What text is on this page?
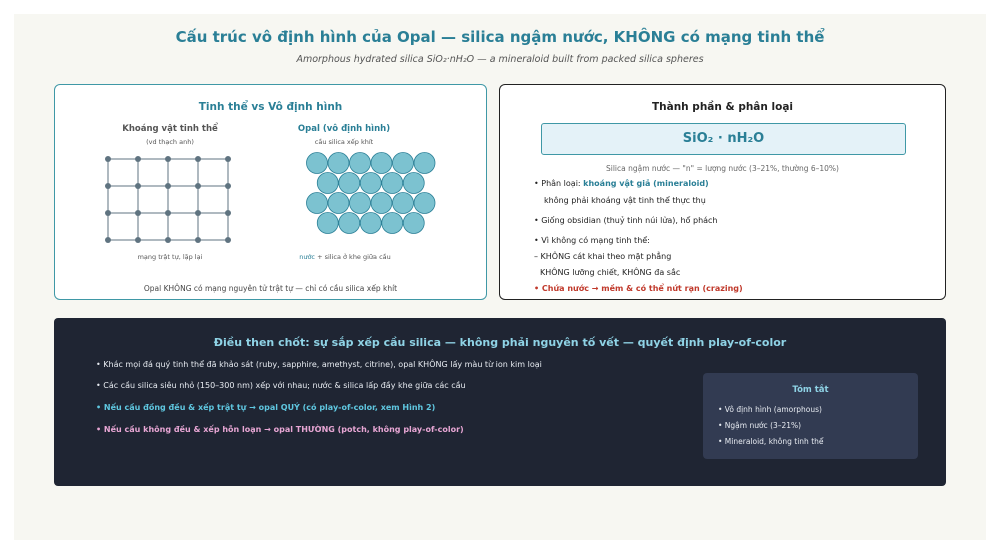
Cấu trúc vô định hình của Opal — silica ngậm nước, KHÔNG có mạng tinh thể
Amorphous hydrated silica SiO₂·nH₂O — a mineraloid built from packed silica spheres
Tinh thể vs Vô định hình
Khoáng vật tinh thể
(vd thạch anh)
mạng trật tự, lặp lại
Opal (vô định hình)
cầu silica xếp khít
nước + silica ở khe giữa cầu
Opal KHÔNG có mạng nguyên tử trật tự — chỉ có cầu silica xếp khít
Thành phần & phân loại
SiO₂ · nH₂O
Silica ngậm nước — "n" = lượng nước (3–21%, thường 6–10%)
• Phân loại: khoáng vật giả (mineraloid)
không phải khoáng vật tinh thể thực thụ
• Giống obsidian (thuỷ tinh núi lửa), hổ phách
• Vì không có mạng tinh thể:
– KHÔNG cát khai theo mặt phẳng
KHÔNG lưỡng chiết, KHÔNG đa sắc
• Chứa nước → mềm & có thể nứt rạn (crazing)
Điều then chốt: sự sắp xếp cầu silica — không phải nguyên tố vết — quyết định play-of-color
• Khác mọi đá quý tinh thể đã khảo sát (ruby, sapphire, amethyst, citrine), opal KHÔNG lấy màu từ ion kim loại
• Các cầu silica siêu nhỏ (150–300 nm) xếp với nhau; nước & silica lấp đầy khe giữa các cầu
• Nếu cầu đồng đều & xếp trật tự → opal QUÝ (có play-of-color, xem Hình 2)
• Nếu cầu không đều & xếp hỗn loạn → opal THƯỜNG (potch, không play-of-color)
Tóm tắt
• Vô định hình (amorphous)
• Ngậm nước (3–21%)
• Mineraloid, không tinh thể
